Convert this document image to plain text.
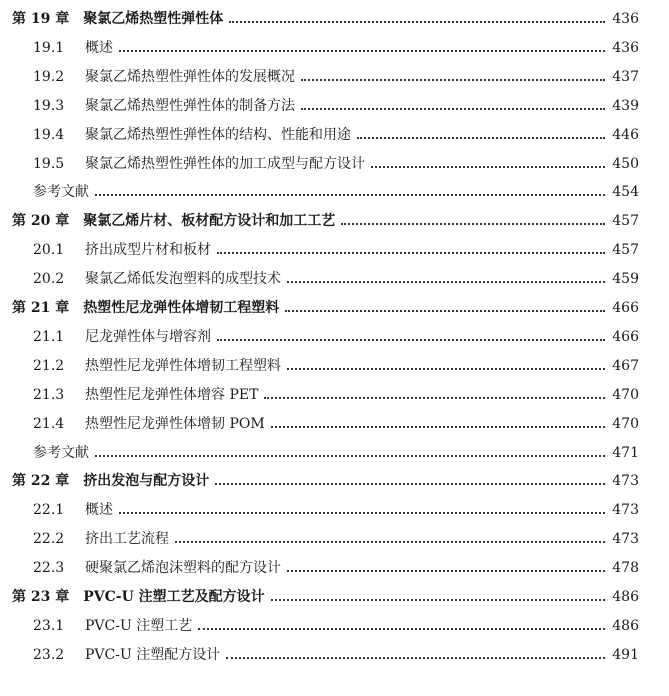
第 19 章 聚氯乙烯热塑性弹性体	436
19.1	概述	436
19.2	聚氯乙烯热塑性弹性体的发展概况	437
19.3	聚氯乙烯热塑性弹性体的制备方法	439
19.4	聚氯乙烯热塑性弹性体的结构、性能和用途	446
19.5	聚氯乙烯热塑性弹性体的加工成型与配方设计	450
参考文献	454
第 20 章 聚氯乙烯片材、板材配方设计和加工工艺	457
20.1	挤出成型片材和板材	457
20.2	聚氯乙烯低发泡塑料的成型技术	459
第 21 章 热塑性尼龙弹性体增韧工程塑料	466
21.1	尼龙弹性体与增容剂	466
21.2	热塑性尼龙弹性体增韧工程塑料	467
21.3	热塑性尼龙弹性体增容 PET	470
21.4	热塑性尼龙弹性体增韧 POM	470
参考文献	471
第 22 章 挤出发泡与配方设计	473
22.1	概述	473
22.2	挤出工艺流程	473
22.3	硬聚氯乙烯泡沫塑料的配方设计	478
第 23 章 PVC-U 注塑工艺及配方设计	486
23.1	PVC-U 注塑工艺	486
23.2	PVC-U 注塑配方设计	491
